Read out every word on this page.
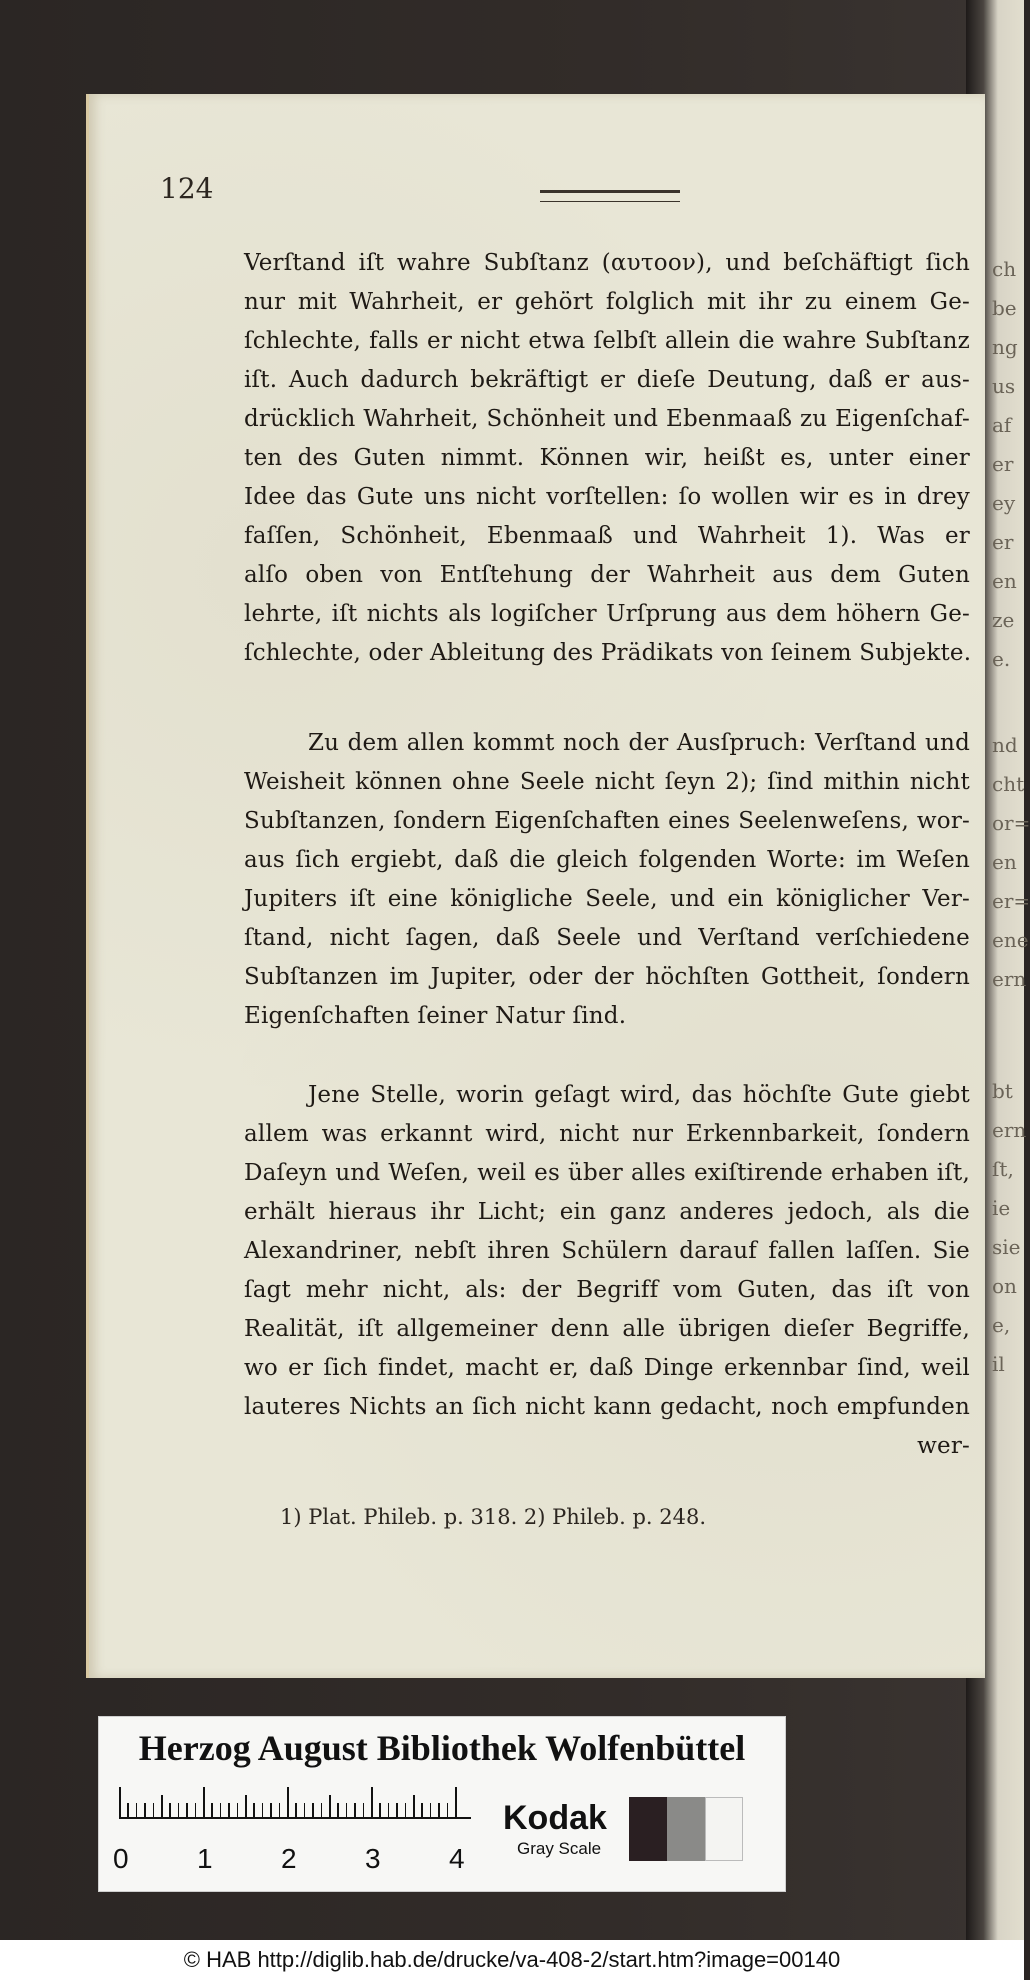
ch
be
ng
us
af
er
ey
er
en
ze
e.
nd
cht
or=
en
er=
ene
ern
bt
ern
ſt,
ie
sie
on
e,
il
124
Verſtand iſt wahre Subſtanz (αυτοον), und beſchäftigt ſich
nur mit Wahrheit, er gehört folglich mit ihr zu einem Ge-
ſchlechte, falls er nicht etwa ſelbſt allein die wahre Subſtanz
iſt. Auch dadurch bekräftigt er dieſe Deutung, daß er aus-
drücklich Wahrheit, Schönheit und Ebenmaaß zu Eigenſchaf-
ten des Guten nimmt. Können wir, heißt es, unter einer
Idee das Gute uns nicht vorſtellen: ſo wollen wir es in drey
faſſen, Schönheit, Ebenmaaß und Wahrheit 1). Was er
alſo oben von Entſtehung der Wahrheit aus dem Guten
lehrte, iſt nichts als logiſcher Urſprung aus dem höhern Ge-
ſchlechte, oder Ableitung des Prädikats von ſeinem Subjekte.
Zu dem allen kommt noch der Ausſpruch: Verſtand und
Weisheit können ohne Seele nicht ſeyn 2); ſind mithin nicht
Subſtanzen, ſondern Eigenſchaften eines Seelenweſens, wor-
aus ſich ergiebt, daß die gleich folgenden Worte: im Weſen
Jupiters iſt eine königliche Seele, und ein königlicher Ver-
ſtand, nicht ſagen, daß Seele und Verſtand verſchiedene
Subſtanzen im Jupiter, oder der höchſten Gottheit, ſondern
Eigenſchaften ſeiner Natur ſind.
Jene Stelle, worin geſagt wird, das höchſte Gute giebt
allem was erkannt wird, nicht nur Erkennbarkeit, ſondern
Daſeyn und Weſen, weil es über alles exiſtirende erhaben iſt,
erhält hieraus ihr Licht; ein ganz anderes jedoch, als die
Alexandriner, nebſt ihren Schülern darauf fallen laſſen. Sie
ſagt mehr nicht, als: der Begriff vom Guten, das iſt von
Realität, iſt allgemeiner denn alle übrigen dieſer Begriffe,
wo er ſich findet, macht er, daß Dinge erkennbar ſind, weil
lauteres Nichts an ſich nicht kann gedacht, noch empfunden
wer-
1) Plat. Phileb. p. 318. 2) Phileb. p. 248.
Herzog August Bibliothek Wolfenbüttel
0 1 2 3 4
Kodak
Gray Scale
© HAB http://diglib.hab.de/drucke/va-408-2/start.htm?image=00140
